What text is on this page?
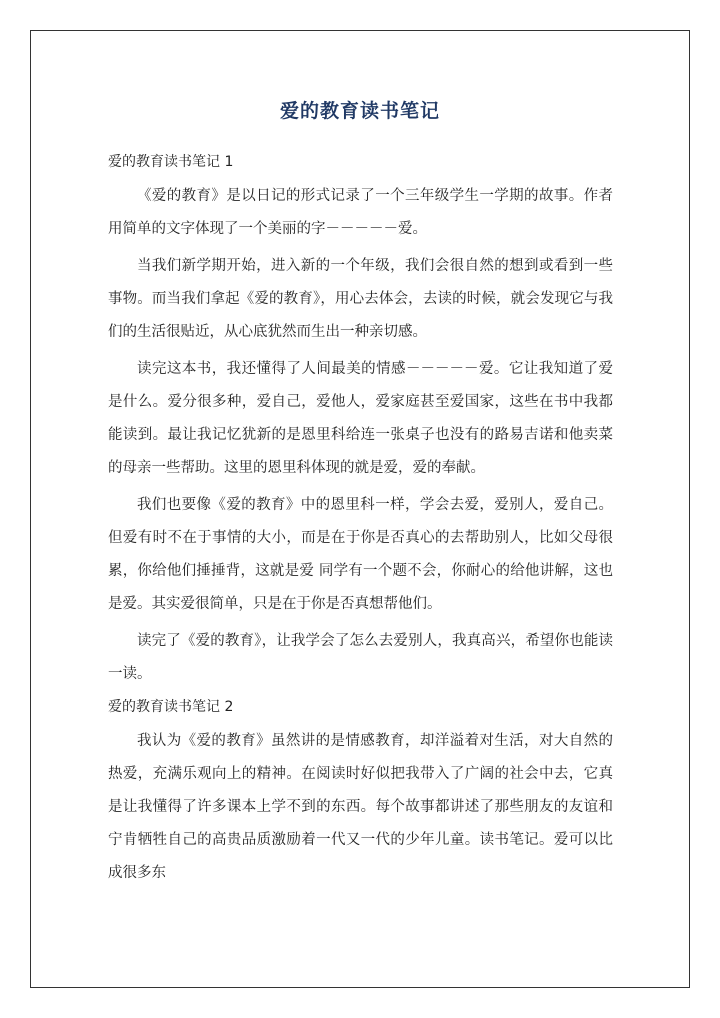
爱的教育读书笔记
爱的教育读书笔记 1

《爱的教育》是以日记的形式记录了一个三年级学生一学期的故事。作者用简单的文字体现了一个美丽的字－－－－－爱。

当我们新学期开始，进入新的一个年级，我们会很自然的想到或看到一些事物。而当我们拿起《爱的教育》，用心去体会，去读的时候，就会发现它与我们的生活很贴近，从心底犹然而生出一种亲切感。

读完这本书，我还懂得了人间最美的情感－－－－－爱。它让我知道了爱是什么。爱分很多种，爱自己，爱他人，爱家庭甚至爱国家，这些在书中我都能读到。最让我记忆犹新的是恩里科给连一张桌子也没有的路易吉诺和他卖菜的母亲一些帮助。这里的恩里科体现的就是爱，爱的奉献。

我们也要像《爱的教育》中的恩里科一样，学会去爱，爱别人，爱自己。但爱有时不在于事情的大小，而是在于你是否真心的去帮助别人，比如父母很累，你给他们捶捶背，这就是爱 同学有一个题不会，你耐心的给他讲解，这也是爱。其实爱很简单，只是在于你是否真想帮他们。

读完了《爱的教育》，让我学会了怎么去爱别人，我真高兴，希望你也能读一读。

爱的教育读书笔记 2

我认为《爱的教育》虽然讲的是情感教育，却洋溢着对生活，对大自然的热爱，充满乐观向上的精神。在阅读时好似把我带入了广阔的社会中去，它真是让我懂得了许多课本上学不到的东西。每个故事都讲述了那些朋友的友谊和宁肯牺牲自己的高贵品质激励着一代又一代的少年儿童。读书笔记。爱可以比成很多东
